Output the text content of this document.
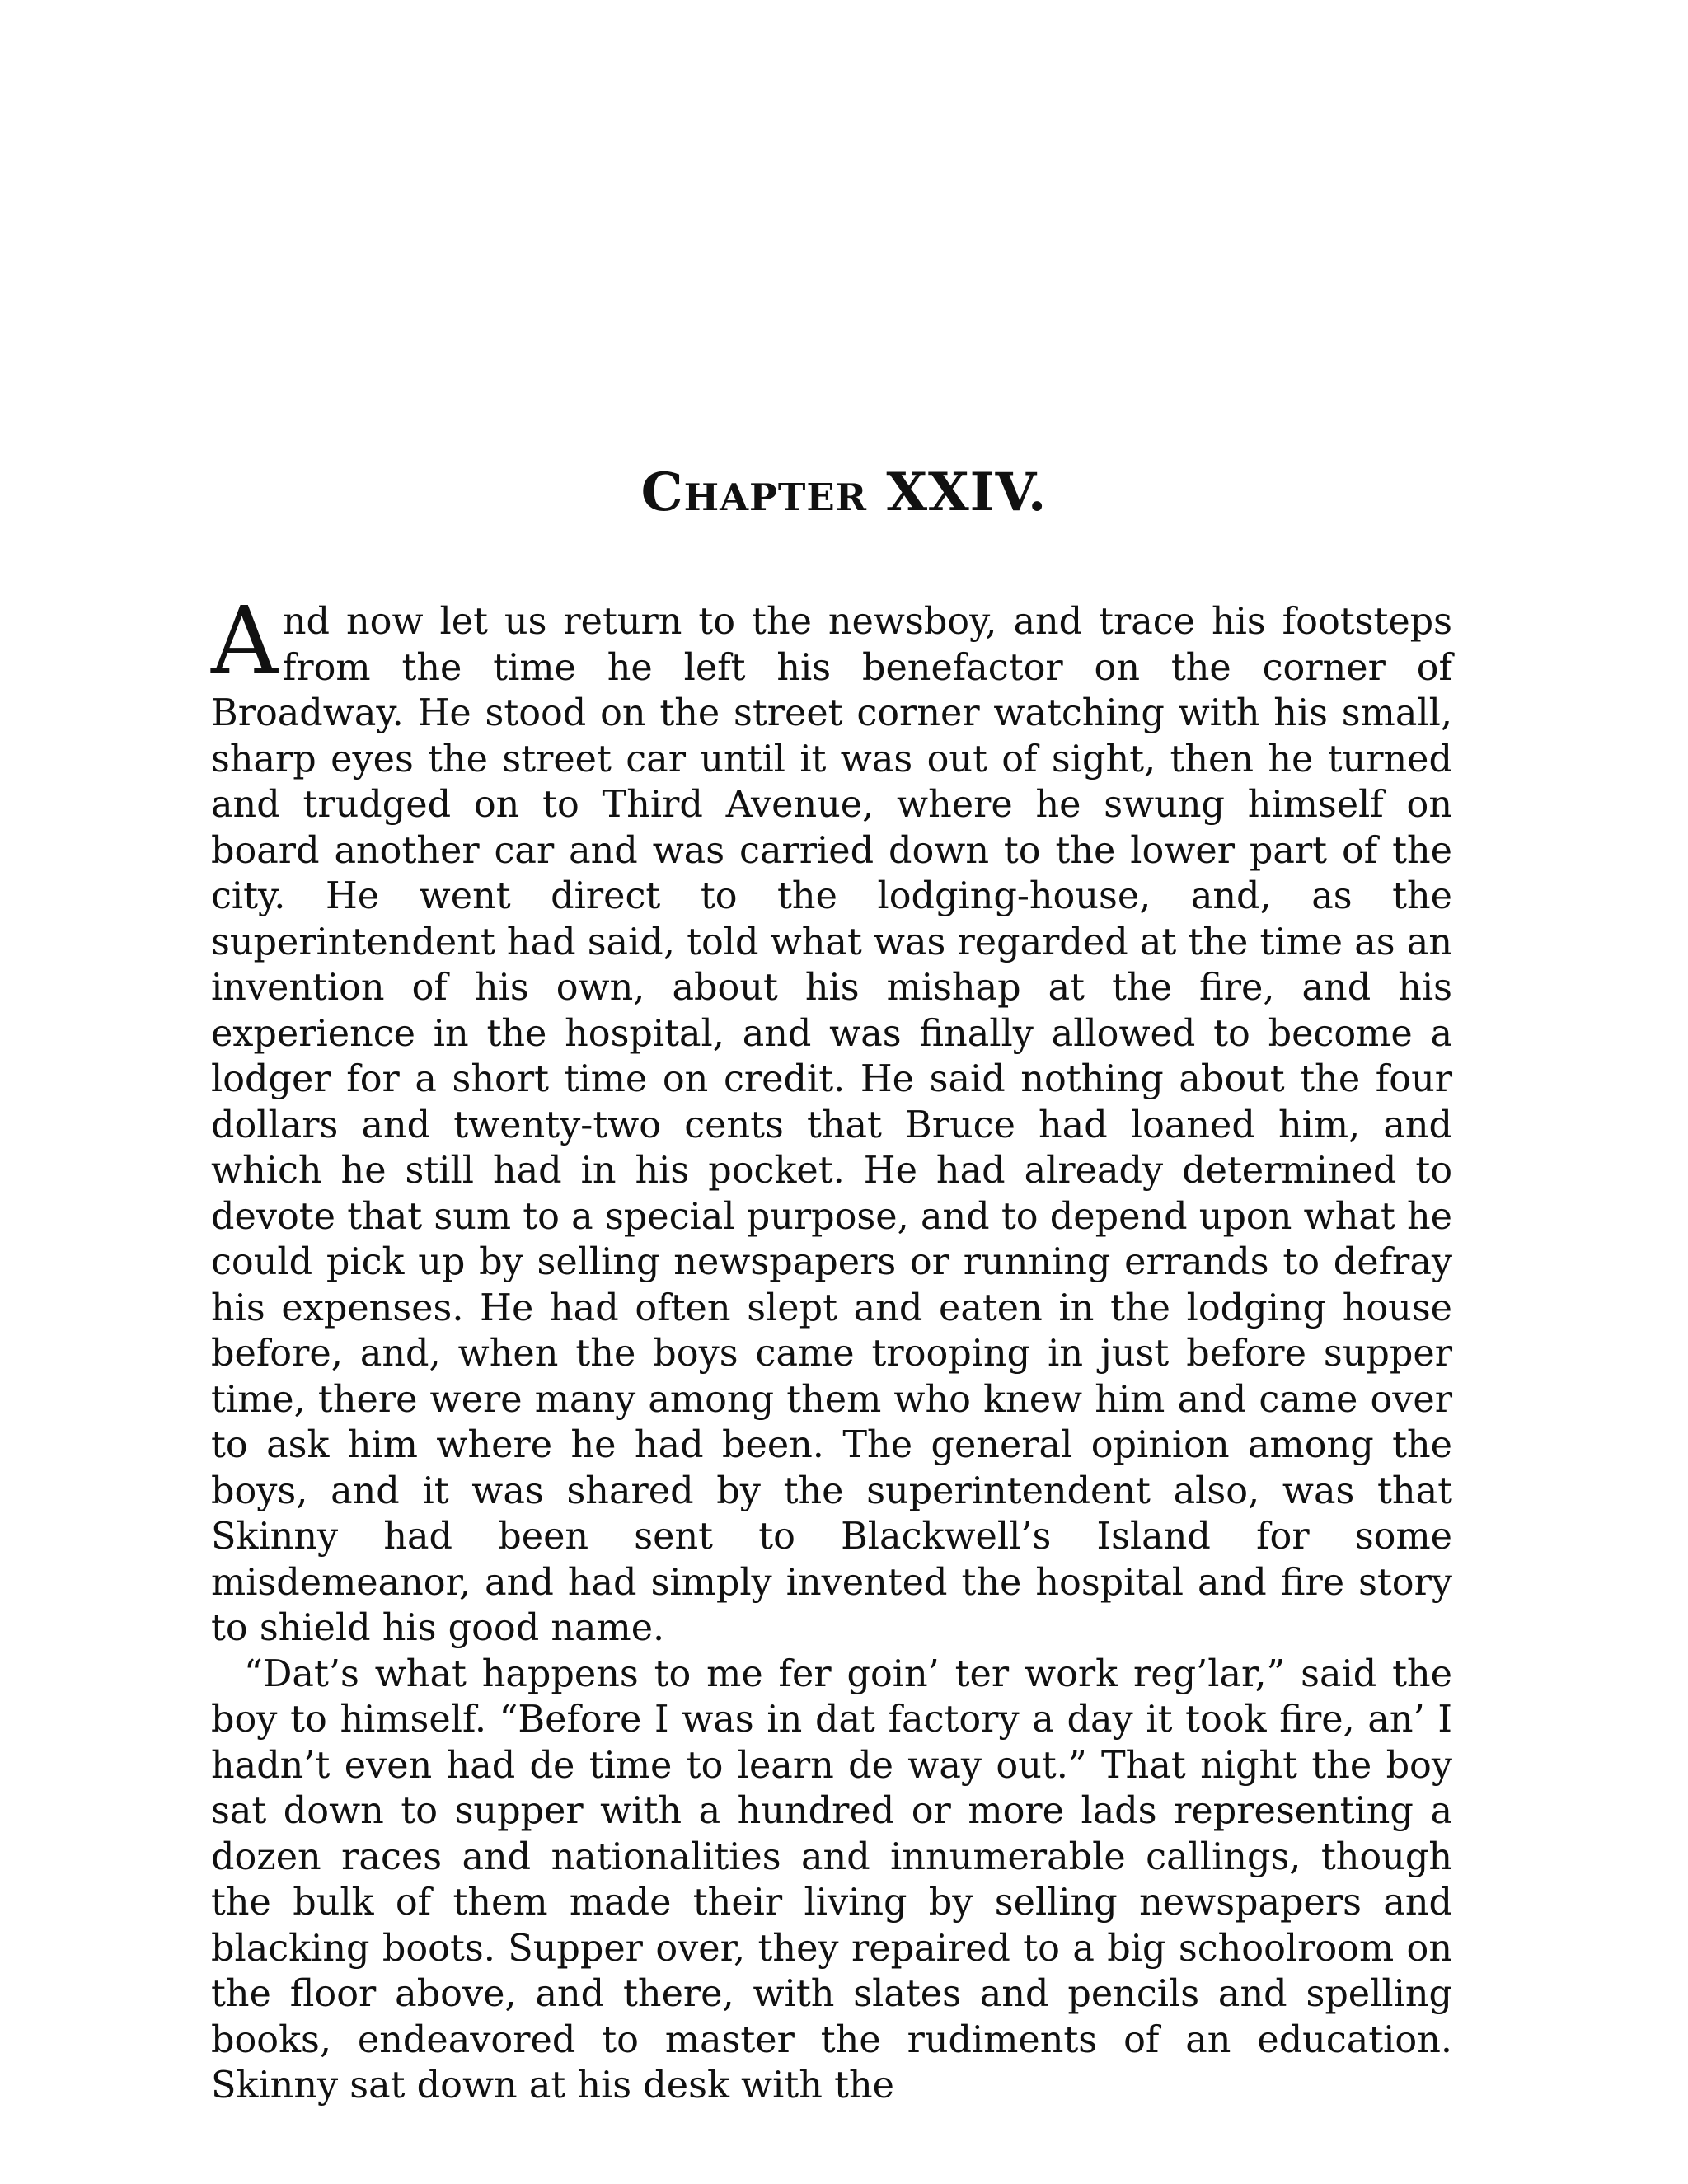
Chapter XXIV.

And now let us return to the newsboy, and trace his footsteps from the time he left his benefactor on the corner of Broadway. He stood on the street corner watching with his small, sharp eyes the street car until it was out of sight, then he turned and trudged on to Third Avenue, where he swung himself on board another car and was carried down to the lower part of the city. He went direct to the lodging-house, and, as the superintendent had said, told what was regarded at the time as an invention of his own, about his mishap at the fire, and his experience in the hospital, and was finally allowed to become a lodger for a short time on credit. He said nothing about the four dollars and twenty-two cents that Bruce had loaned him, and which he still had in his pocket. He had already determined to devote that sum to a special purpose, and to depend upon what he could pick up by selling newspapers or running errands to defray his expenses. He had often slept and eaten in the lodging house before, and, when the boys came trooping in just before supper time, there were many among them who knew him and came over to ask him where he had been. The general opinion among the boys, and it was shared by the superintendent also, was that Skinny had been sent to Blackwell’s Island for some misdemeanor, and had simply invented the hospital and fire story to shield his good name.

“Dat’s what happens to me fer goin’ ter work reg’lar,” said the boy to himself. “Before I was in dat factory a day it took fire, an’ I hadn’t even had de time to learn de way out.” That night the boy sat down to supper with a hundred or more lads representing a dozen races and nationalities and innumerable callings, though the bulk of them made their living by selling newspapers and blacking boots. Supper over, they repaired to a big schoolroom on the floor above, and there, with slates and pencils and spelling books, endeavored to master the rudiments of an education. Skinny sat down at his desk with the
